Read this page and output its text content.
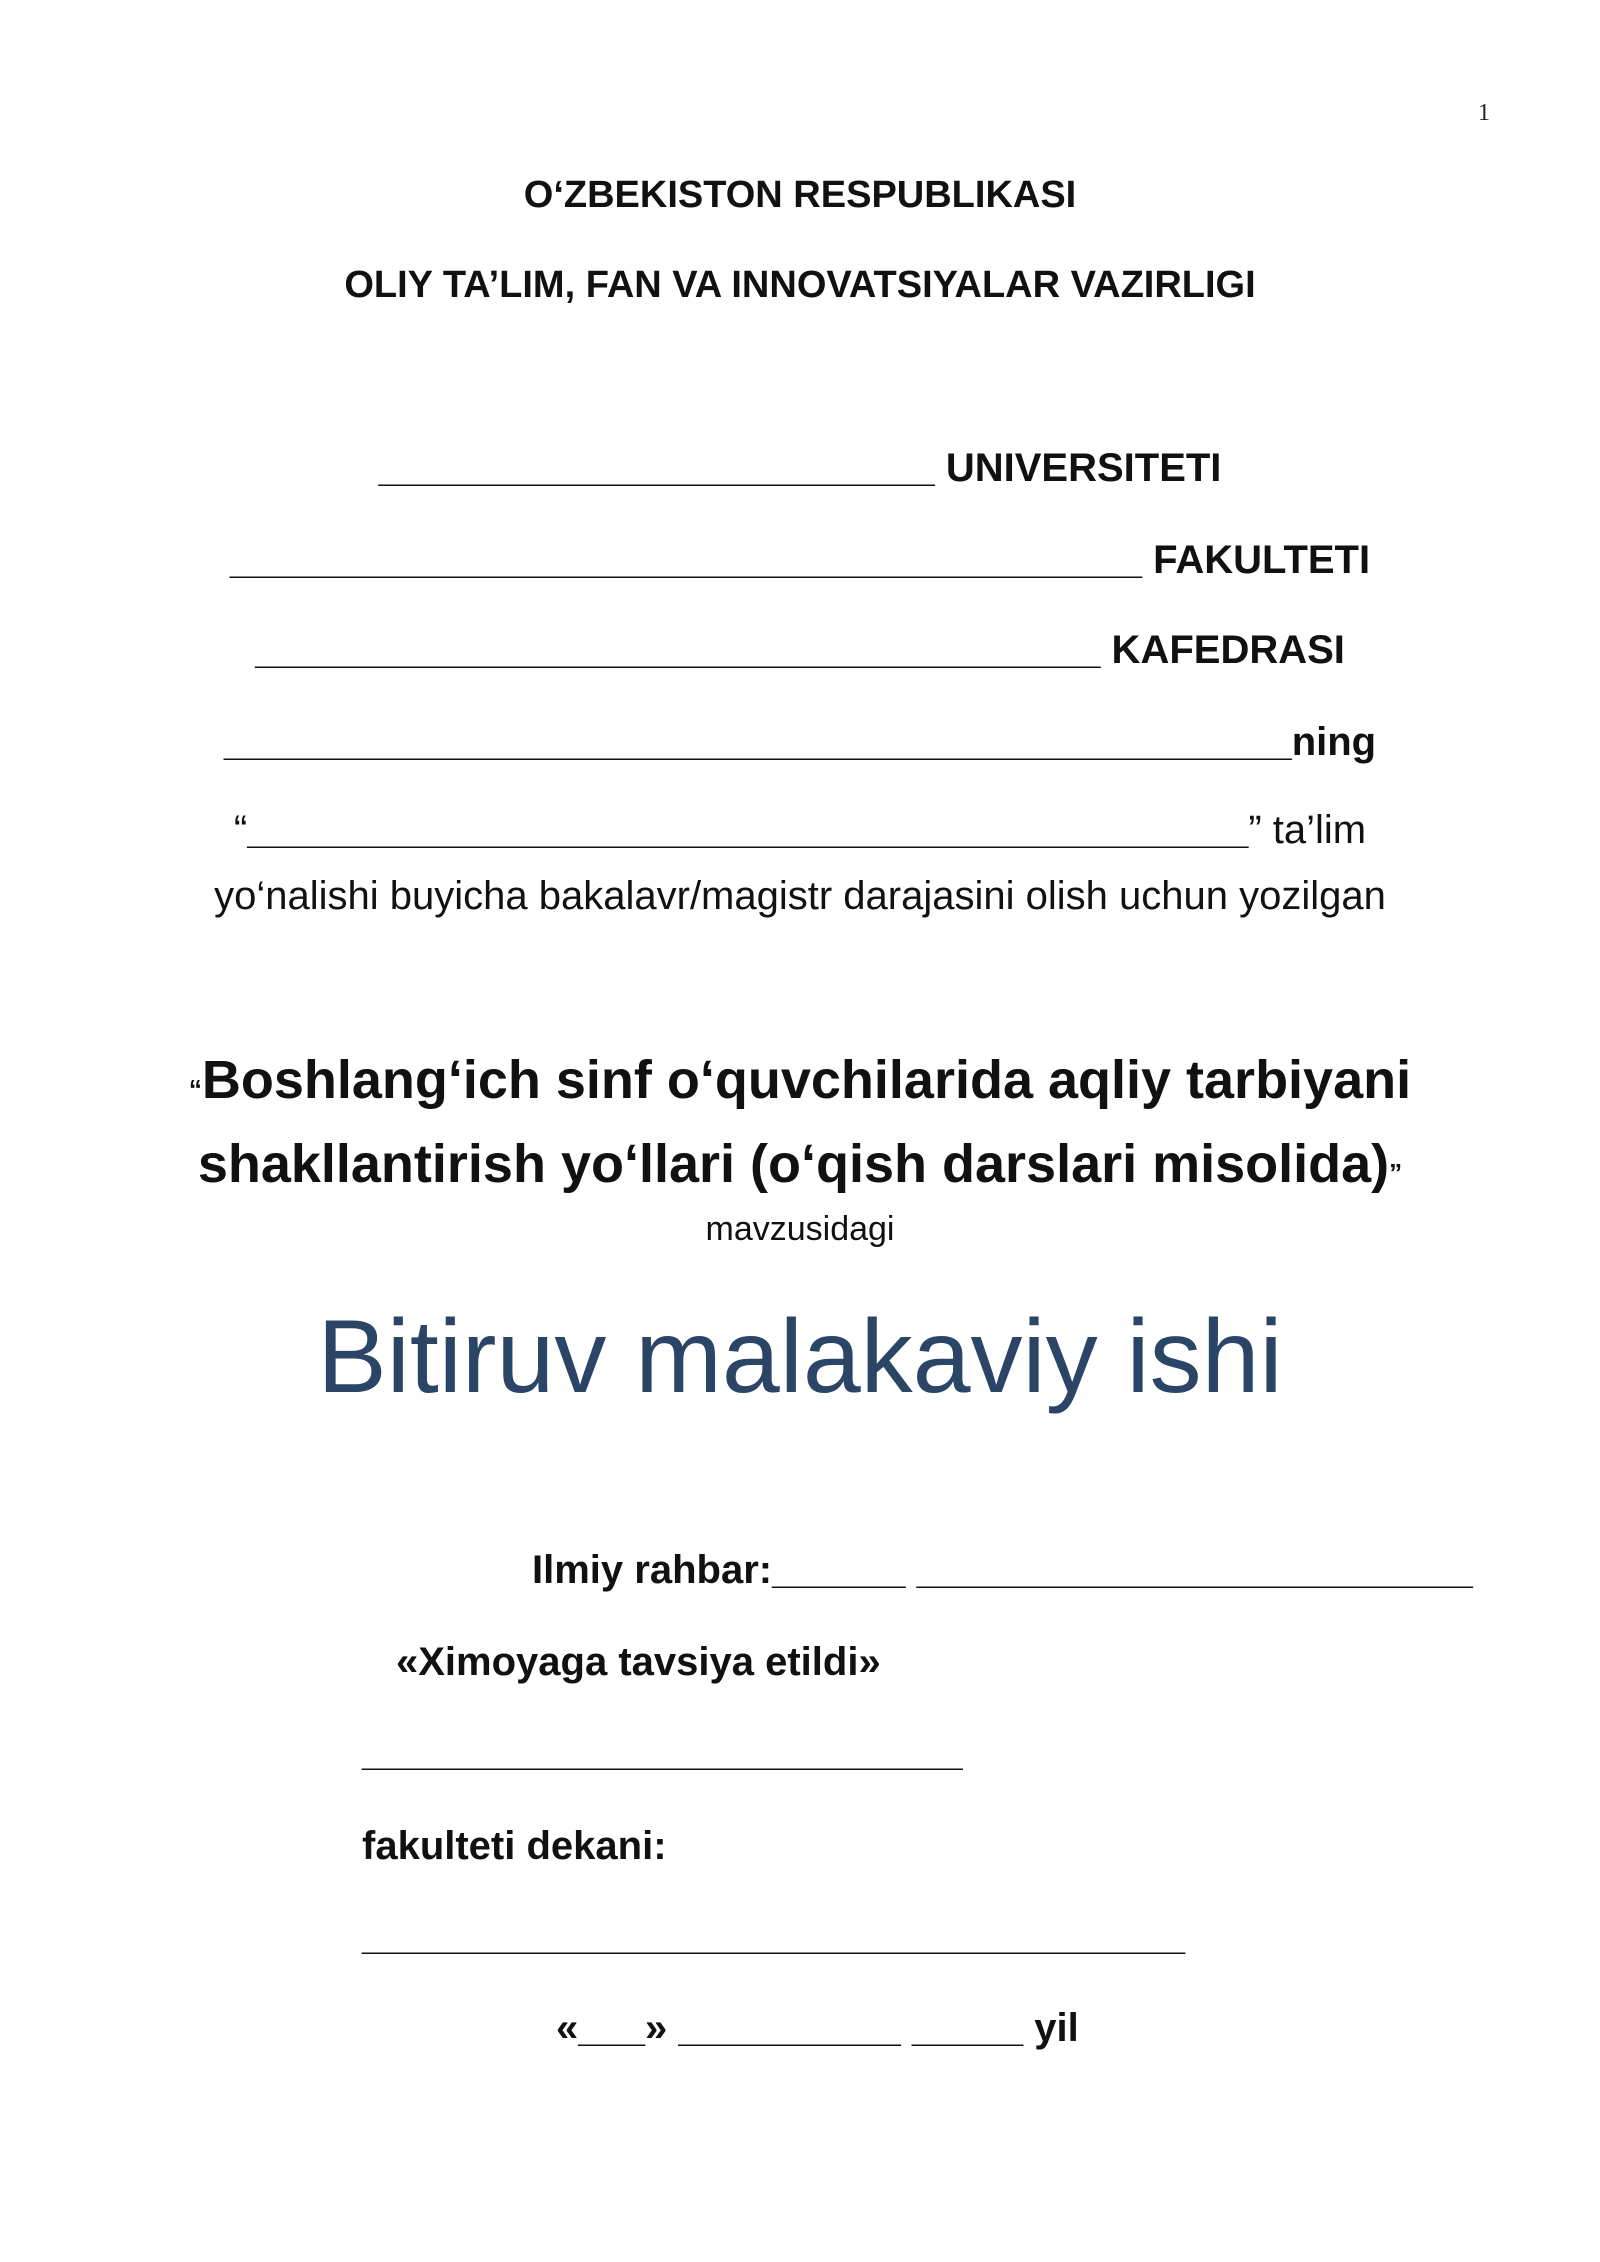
1
O‘ZBEKISTON RESPUBLIKASI
OLIY TA’LIM, FAN VA INNOVATSIYALAR VAZIRLIGI
_________________________ UNIVERSITETI
_________________________________________ FAKULTETI
______________________________________ KAFEDRASI
________________________________________________ning
“_____________________________________________” ta’lim
yo‘nalishi buyicha bakalavr/magistr darajasini olish uchun yozilgan
“Boshlang‘ich sinf o‘quvchilarida aqliy tarbiyani
shakllantirish yo‘llari (o‘qish darslari misolida)”
mavzusidagi
Bitiruv malakaviy ishi
Ilmiy rahbar:______ _________________________
«Ximoyaga tavsiya etildi»
___________________________
fakulteti dekani:
_____________________________________
«___» __________ _____ yil
